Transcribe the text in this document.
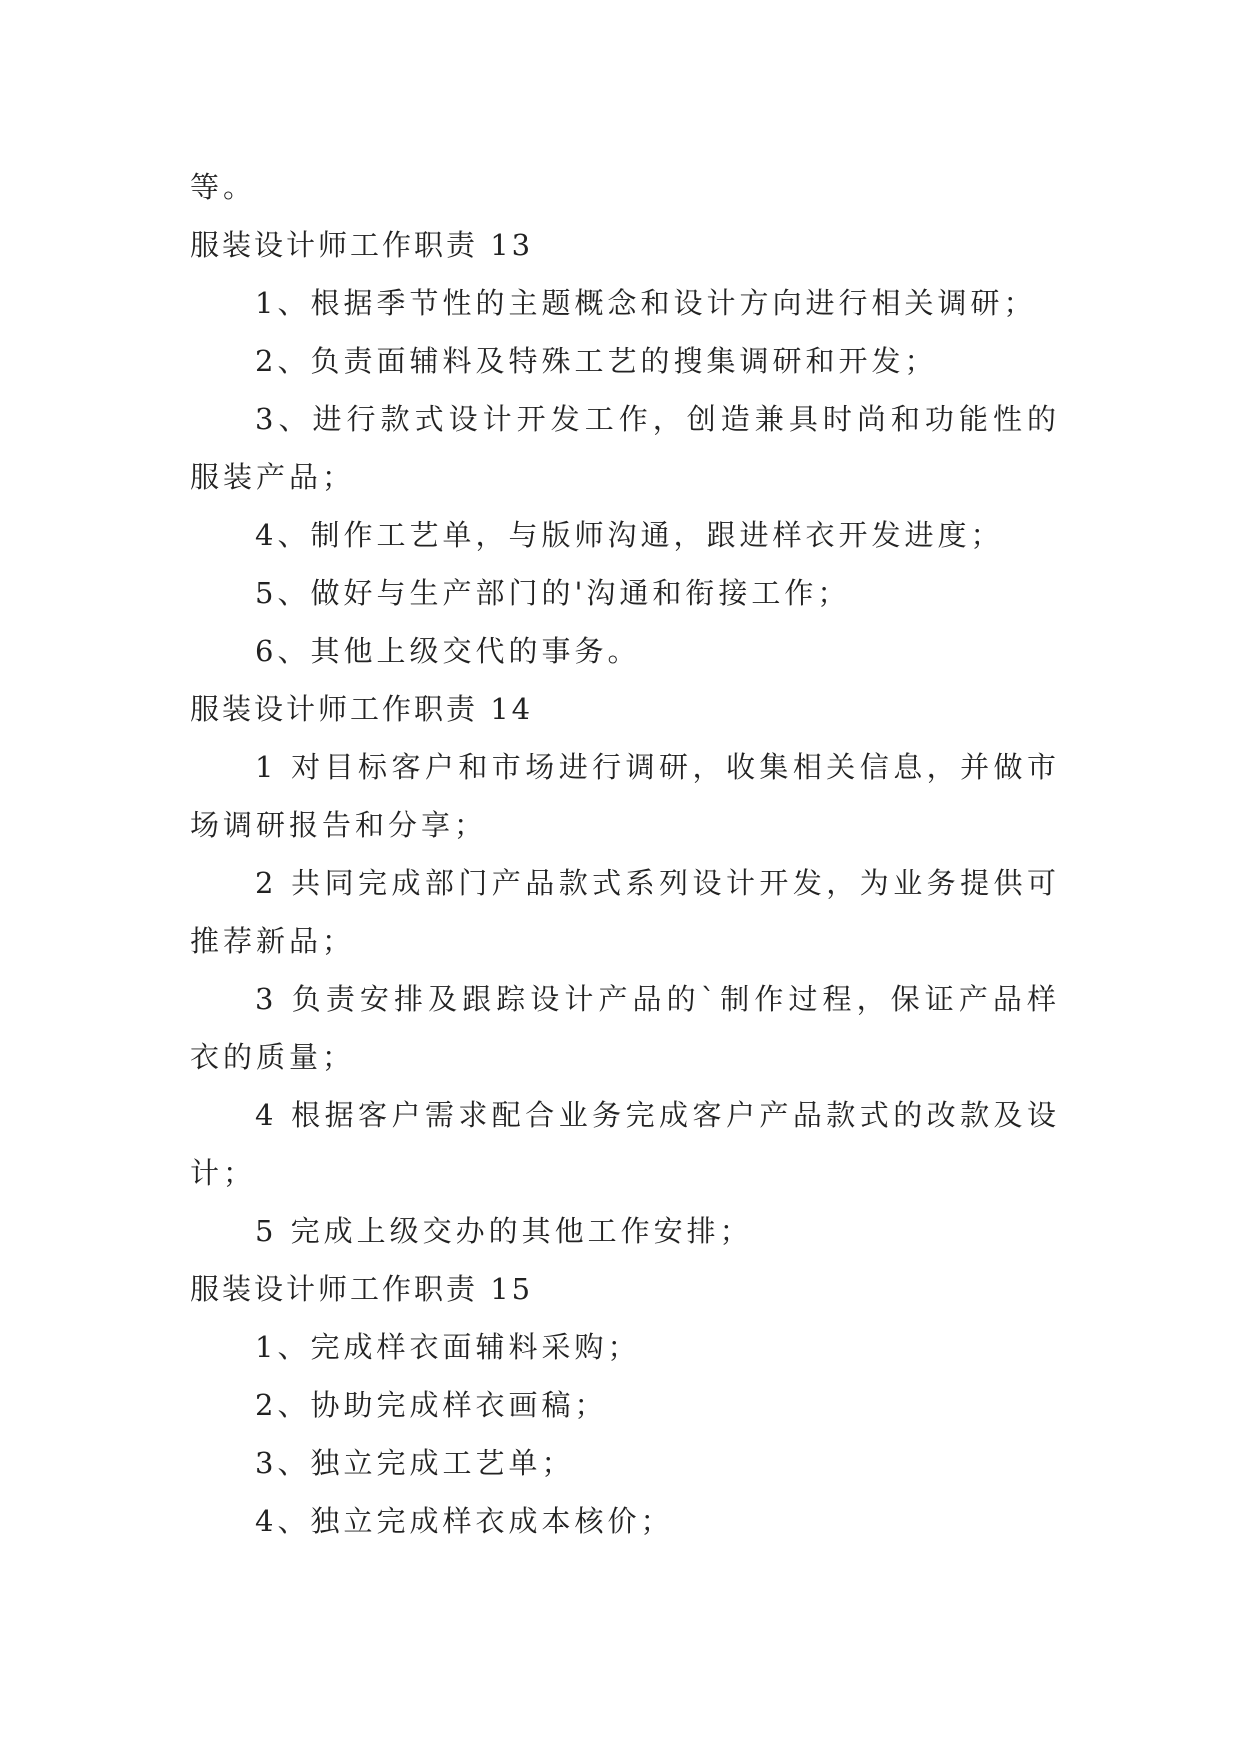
等。
服装设计师工作职责 13
1、根据季节性的主题概念和设计方向进行相关调研；
2、负责面辅料及特殊工艺的搜集调研和开发；
3、进行款式设计开发工作，创造兼具时尚和功能性的服装产品；
4、制作工艺单，与版师沟通，跟进样衣开发进度；
5、做好与生产部门的'沟通和衔接工作；
6、其他上级交代的事务。
服装设计师工作职责 14
1 对目标客户和市场进行调研，收集相关信息，并做市场调研报告和分享；
2 共同完成部门产品款式系列设计开发，为业务提供可推荐新品；
3 负责安排及跟踪设计产品的`制作过程，保证产品样衣的质量；
4 根据客户需求配合业务完成客户产品款式的改款及设计；
5 完成上级交办的其他工作安排；
服装设计师工作职责 15
1、完成样衣面辅料采购；
2、协助完成样衣画稿；
3、独立完成工艺单；
4、独立完成样衣成本核价；
